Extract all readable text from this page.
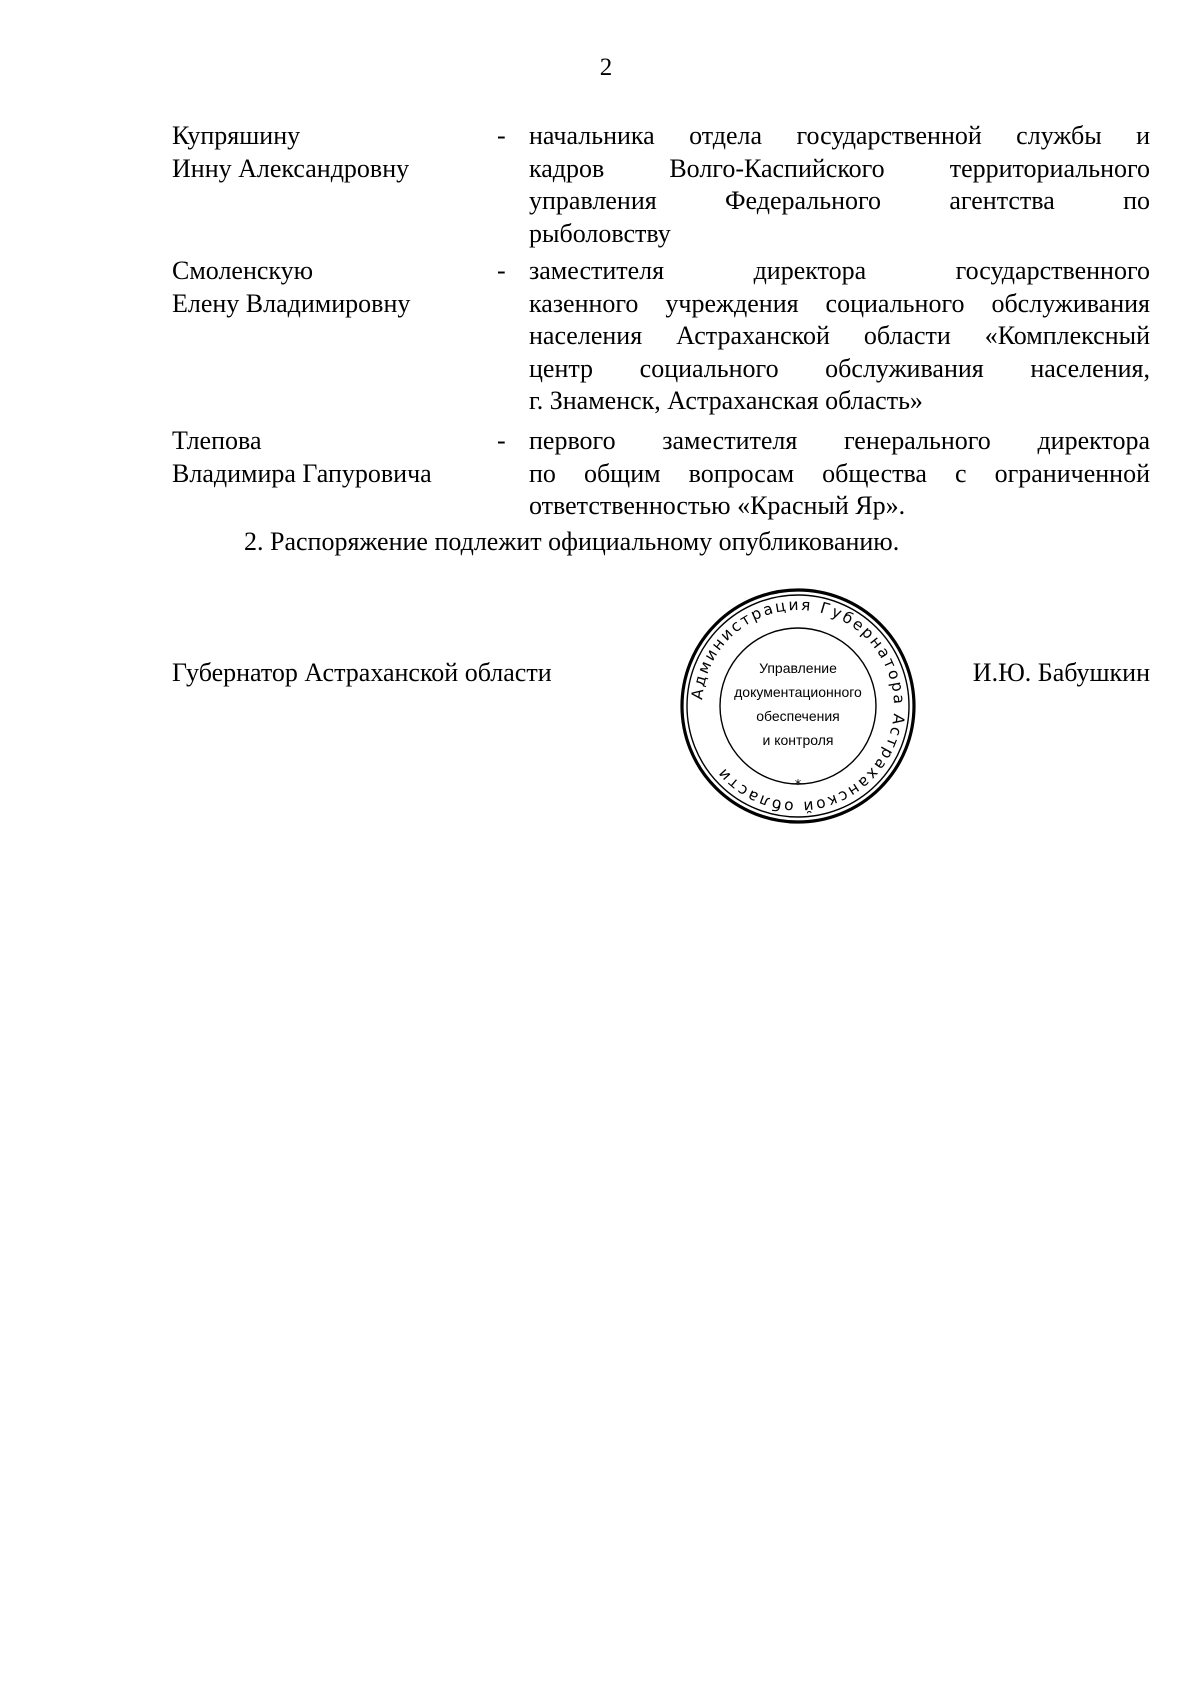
2
Купряшину
Инну Александровну
- начальника отдела государственной службы и
кадров Волго-Каспийского территориального
управления Федерального агентства по
рыболовству
Смоленскую
Елену Владимировну
- заместителя директора государственного
казенного учреждения социального обслуживания
населения Астраханской области «Комплексный
центр социального обслуживания населения,
г. Знаменск, Астраханская область»
Тлепова
Владимира Гапуровича
- первого заместителя генерального директора
по общим вопросам общества с ограниченной
ответственностью «Красный Яр».
2. Распоряжение подлежит официальному опубликованию.
Губернатор Астраханской области	И.Ю. Бабушкин
Администрация Губернатора Астраханской области
*
Управление
документационного
обеспечения
и контроля
